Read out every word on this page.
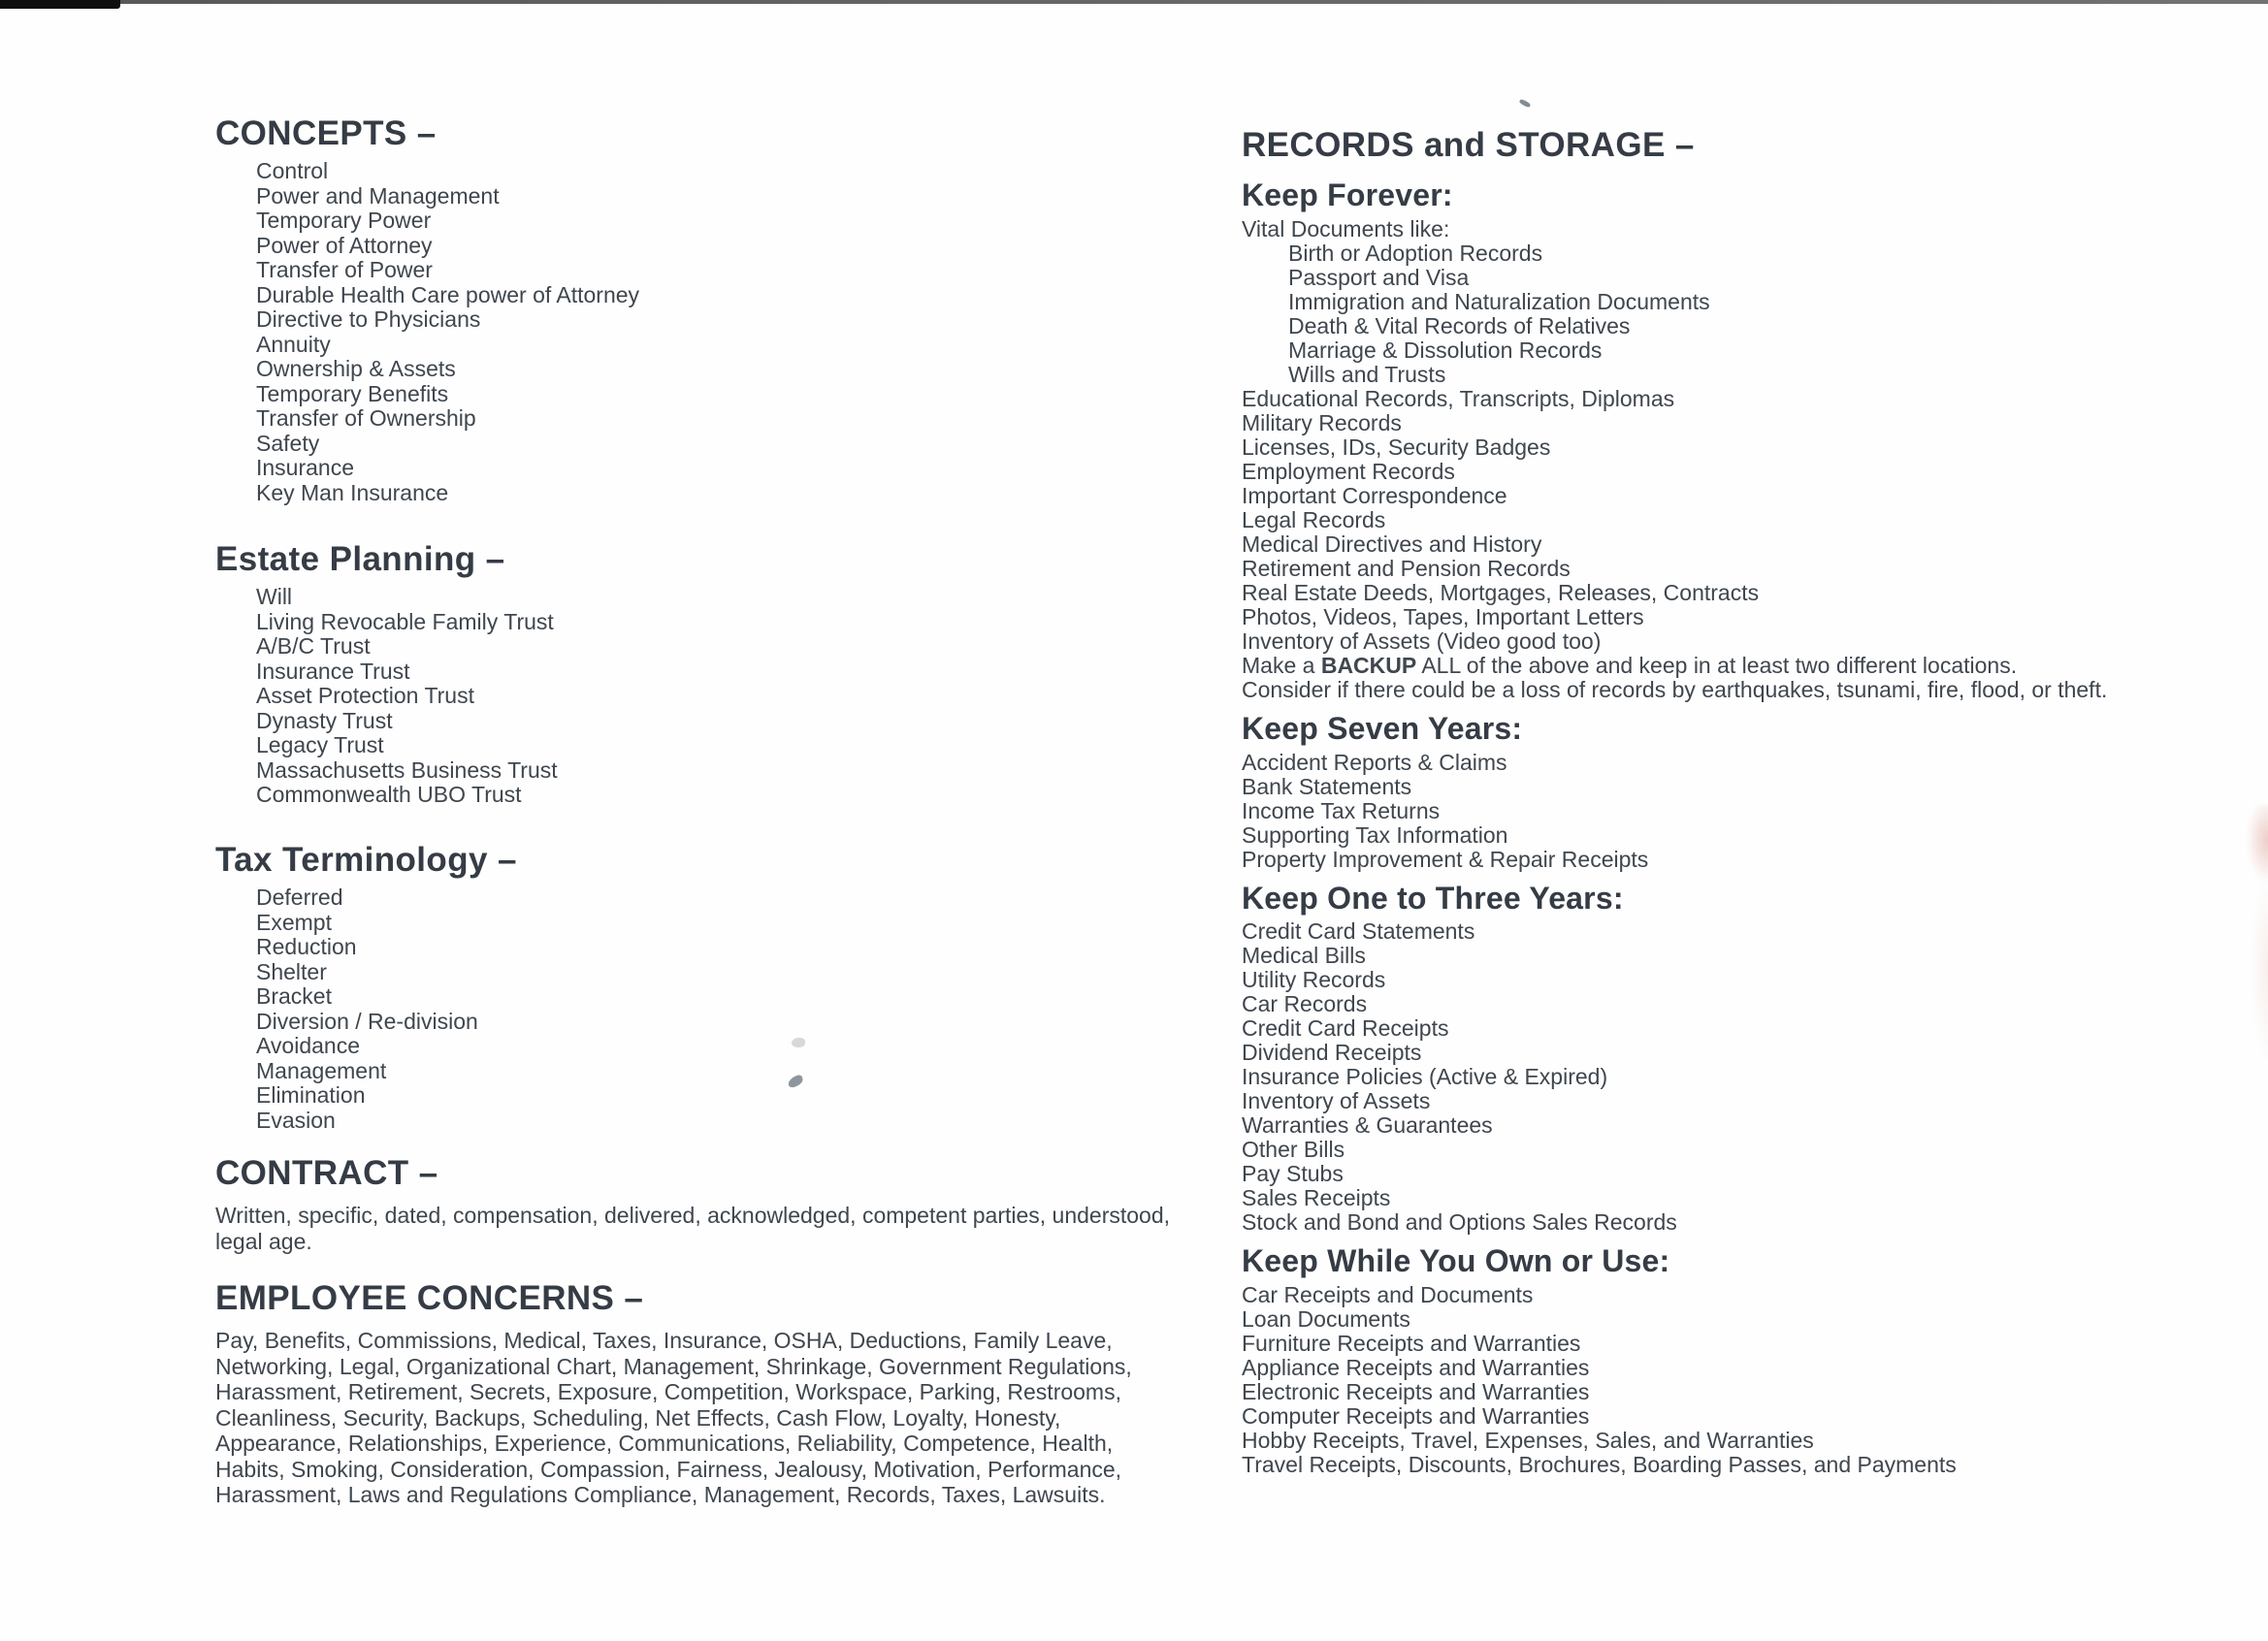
CONCEPTS –
Control
Power and Management
Temporary Power
Power of Attorney
Transfer of Power
Durable Health Care power of Attorney
Directive to Physicians
Annuity
Ownership & Assets
Temporary Benefits
Transfer of Ownership
Safety
Insurance
Key Man Insurance
Estate Planning –
Will
Living Revocable Family Trust
A/B/C Trust
Insurance Trust
Asset Protection Trust
Dynasty Trust
Legacy Trust
Massachusetts Business Trust
Commonwealth UBO Trust
Tax Terminology –
Deferred
Exempt
Reduction
Shelter
Bracket
Diversion / Re-division
Avoidance
Management
Elimination
Evasion
CONTRACT –

Written, specific, dated, compensation, delivered, acknowledged, competent parties, understood, legal age.

EMPLOYEE CONCERNS –

Pay, Benefits, Commissions, Medical, Taxes, Insurance, OSHA, Deductions, Family Leave, Networking, Legal, Organizational Chart, Management, Shrinkage, Government Regulations, Harassment, Retirement, Secrets, Exposure, Competition, Workspace, Parking, Restrooms, Cleanliness, Security, Backups, Scheduling, Net Effects, Cash Flow, Loyalty, Honesty, Appearance, Relationships, Experience, Communications, Reliability, Competence, Health, Habits, Smoking, Consideration, Compassion, Fairness, Jealousy, Motivation, Performance, Harassment, Laws and Regulations Compliance, Management, Records, Taxes, Lawsuits.

RECORDS and STORAGE –
Keep Forever:
Vital Documents like:
Birth or Adoption Records
Passport and Visa
Immigration and Naturalization Documents
Death & Vital Records of Relatives
Marriage & Dissolution Records
Wills and Trusts
Educational Records, Transcripts, Diplomas
Military Records
Licenses, IDs, Security Badges
Employment Records
Important Correspondence
Legal Records
Medical Directives and History
Retirement and Pension Records
Real Estate Deeds, Mortgages, Releases, Contracts
Photos, Videos, Tapes, Important Letters
Inventory of Assets (Video good too)
Make a BACKUP ALL of the above and keep in at least two different locations.
Consider if there could be a loss of records by earthquakes, tsunami, fire, flood, or theft.
Keep Seven Years:
Accident Reports & Claims
Bank Statements
Income Tax Returns
Supporting Tax Information
Property Improvement & Repair Receipts
Keep One to Three Years:
Credit Card Statements
Medical Bills
Utility Records
Car Records
Credit Card Receipts
Dividend Receipts
Insurance Policies (Active & Expired)
Inventory of Assets
Warranties & Guarantees
Other Bills
Pay Stubs
Sales Receipts
Stock and Bond and Options Sales Records
Keep While You Own or Use:
Car Receipts and Documents
Loan Documents
Furniture Receipts and Warranties
Appliance Receipts and Warranties
Electronic Receipts and Warranties
Computer Receipts and Warranties
Hobby Receipts, Travel, Expenses, Sales, and Warranties
Travel Receipts, Discounts, Brochures, Boarding Passes, and Payments
